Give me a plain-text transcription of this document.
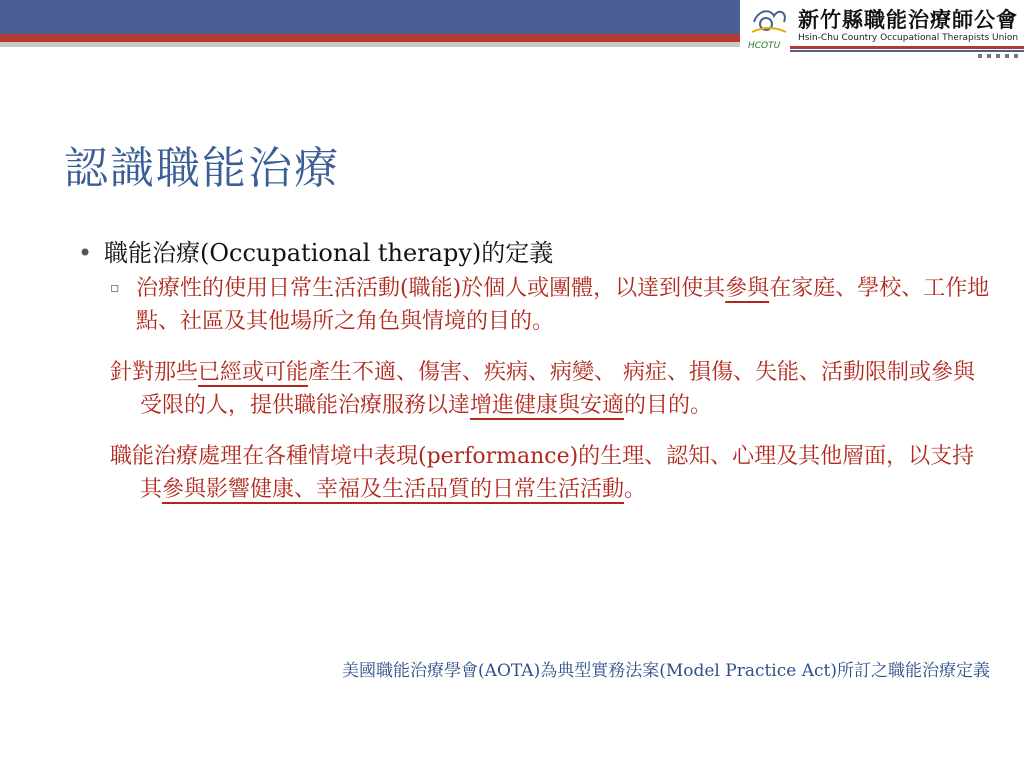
HCOTU
新竹縣職能治療師公會
Hsin-Chu Country Occupational Therapists Union
認識職能治療
• 職能治療(Occupational therapy)的定義
▫ 治療性的使用日常生活活動(職能)於個人或團體，以達到使其參與在家庭、學校、工作地點、社區及其他場所之角色與情境的目的。
針對那些已經或可能產生不適、傷害、疾病、病變、 病症、損傷、失能、活動限制或參與受限的人，提供職能治療服務以達增進健康與安適的目的。
職能治療處理在各種情境中表現(performance)的生理、認知、心理及其他層面，以支持其參與影響健康、幸福及生活品質的日常生活活動。
美國職能治療學會(AOTA)為典型實務法案(Model Practice Act)所訂之職能治療定義
